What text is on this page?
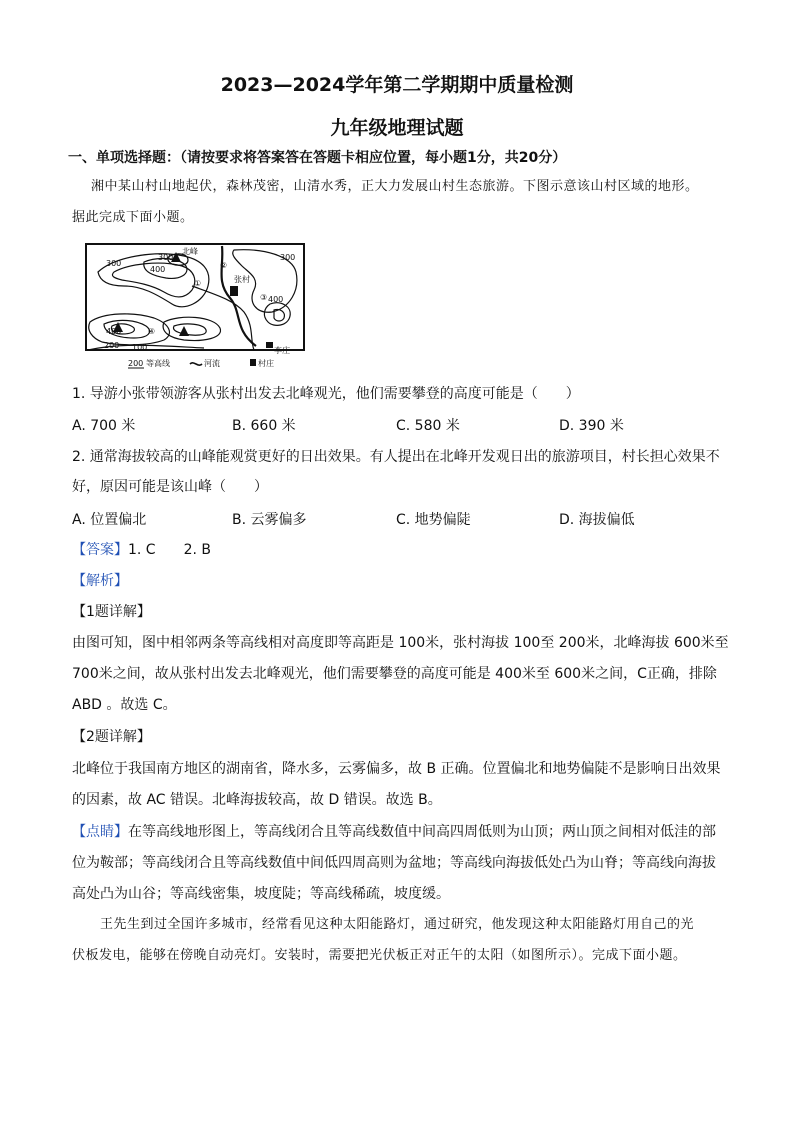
2023—2024学年第二学期期中质量检测
九年级地理试题
一、单项选择题：（请按要求将答案答在答题卡相应位置，每小题1分，共20分）
湘中某山村山地起伏，森林茂密，山清水秀，正大力发展山村生态旅游。下图示意该山村区域的地形。
据此完成下面小题。
北峰
张村
李庄
300
400
300
400
300
200 100
400
①
②
③
④
200 等高线	河流	村庄
1. 导游小张带领游客从张村出发去北峰观光，他们需要攀登的高度可能是（　　）
A. 700 米	B. 660 米	C. 580 米	D. 390 米
2. 通常海拔较高的山峰能观赏更好的日出效果。有人提出在北峰开发观日出的旅游项目，村长担心效果不
好，原因可能是该山峰（　　）
A. 位置偏北	B. 云雾偏多	C. 地势偏陡	D. 海拔偏低
【答案】1. C　　2. B
【解析】
【1题详解】
由图可知，图中相邻两条等高线相对高度即等高距是 100米，张村海拔 100至 200米，北峰海拔 600米至
700米之间，故从张村出发去北峰观光，他们需要攀登的高度可能是 400米至 600米之间，C正确，排除
ABD 。故选 C。
【2题详解】
北峰位于我国南方地区的湖南省，降水多，云雾偏多，故 B 正确。位置偏北和地势偏陡不是影响日出效果
的因素，故 AC 错误。北峰海拔较高，故 D 错误。故选 B。
【点睛】在等高线地形图上，等高线闭合且等高线数值中间高四周低则为山顶；两山顶之间相对低洼的部
位为鞍部；等高线闭合且等高线数值中间低四周高则为盆地；等高线向海拔低处凸为山脊；等高线向海拔
高处凸为山谷；等高线密集，坡度陡；等高线稀疏，坡度缓。
王先生到过全国许多城市，经常看见这种太阳能路灯，通过研究，他发现这种太阳能路灯用自己的光
伏板发电，能够在傍晚自动亮灯。安装时，需要把光伏板正对正午的太阳（如图所示）。完成下面小题。
